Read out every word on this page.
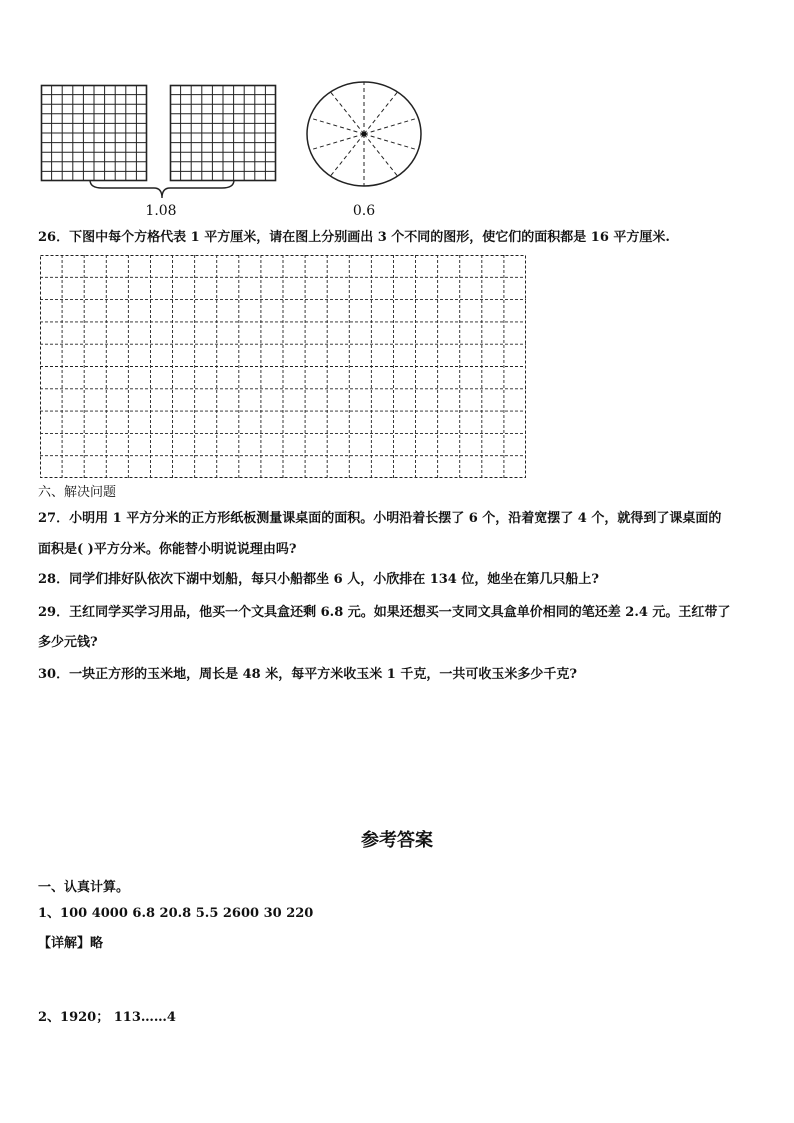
1.08	0.6
26．下图中每个方格代表 1 平方厘米，请在图上分别画出 3 个不同的图形，使它们的面积都是 16 平方厘米.
六、解决问题
27．小明用 1 平方分米的正方形纸板测量课桌面的面积。小明沿着长摆了 6 个，沿着宽摆了 4 个，就得到了课桌面的
面积是( )平方分米。你能替小明说说理由吗?
28．同学们排好队依次下湖中划船，每只小船都坐 6 人，小欣排在 134 位，她坐在第几只船上?
29．王红同学买学习用品，他买一个文具盒还剩 6.8 元。如果还想买一支同文具盒单价相同的笔还差 2.4 元。王红带了
多少元钱?
30．一块正方形的玉米地，周长是 48 米，每平方米收玉米 1 千克，一共可收玉米多少千克?
参考答案
一、认真计算。
1、100 4000 6.8 20.8 5.5 2600 30 220
【详解】略
2、1920； 113……4
